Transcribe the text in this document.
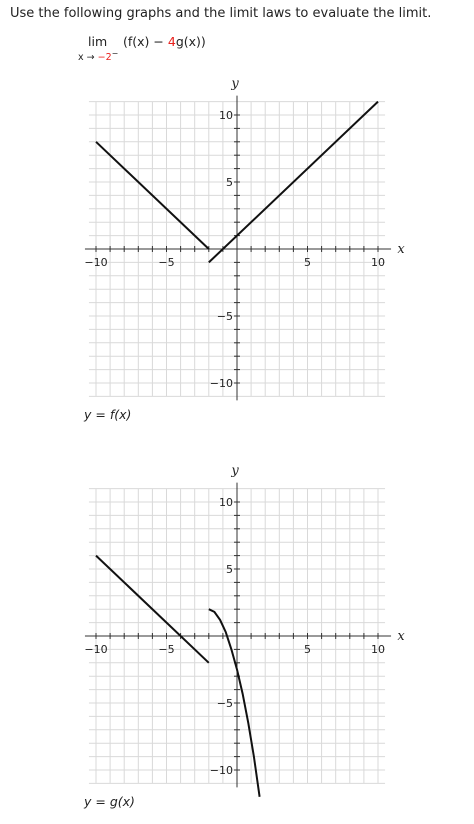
Use the following graphs and the limit laws to evaluate the limit.
lim
x → −2−
(f(x) − 4g(x))
x
y
−10	−5	5	10
10
5
−5
−10
y = f(x)
x
y
−10	−5	5	10
10
5
−5
−10
y = g(x)
